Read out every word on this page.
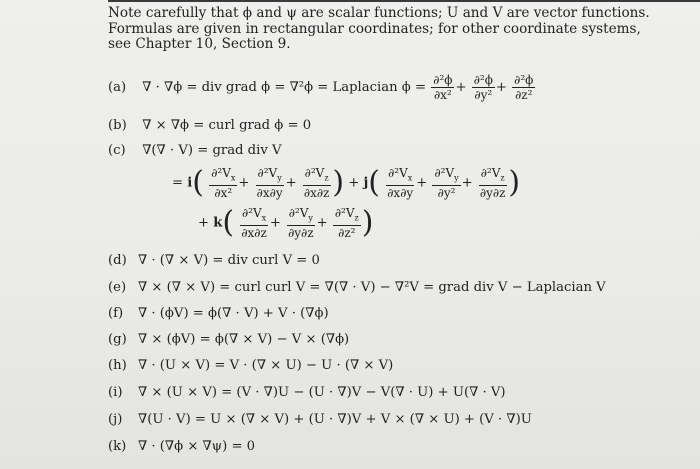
Note carefully that ϕ and ψ are scalar functions; U and V are vector functions. Formulas are given in rectangular coordinates; for other coordinate systems, see Chapter 10, Section 9.
(a) ∇ · ∇ϕ = div grad ϕ = ∇²ϕ = Laplacian $\phi = \frac{\text{∂²ϕ}}{\text{∂x²}} + \frac{\text{∂²ϕ}}{\text{∂y²}} + \frac{\text{∂²ϕ}}{\text{∂z²}}$
(b) ∇ × ∇ϕ = curl grad ϕ = 0
(c) ∇(∇ · V) = grad div V
= $i( \frac{\partial^2V_x}{\text{∂x²}} + \frac{\partial^2V_y}{\partial x\partial y} + \frac{\partial^2V_z}{\partial x\partial z}$ ) + $j( \frac{\partial^2V_x}{\partial x\partial y} + \frac{\partial^2V_y}{\text{∂y²}} + \frac{\partial^2V_z}{\partial y\partial z}$ )
+ $k( \frac{\partial^2V_x}{\partial x\partial z} + \frac{\partial^2V_y}{\partial y\partial z} + \frac{\partial^2V_z}{\text{∂z²}}$ )
(d) ∇ · (∇ × V) = div curl V = 0
(e) ∇ × (∇ × V) = curl curl V = ∇(∇ · V) − ∇²V = grad div V − Laplacian V
(f) ∇ · (ϕV) = ϕ(∇ · V) + V · (∇ϕ)
(g) ∇ × (ϕV) = ϕ(∇ × V) − V × (∇ϕ)
(h) ∇ · (U × V) = V · (∇ × U) − U · (∇ × V)
(i) ∇ × (U × V) = (V · ∇)U − (U · ∇)V − V(∇ · U) + U(∇ · V)
(j) ∇(U · V) = U × (∇ × V) + (U · ∇)V + V × (∇ × U) + (V · ∇)U
(k) ∇ · (∇ϕ × ∇ψ) = 0
